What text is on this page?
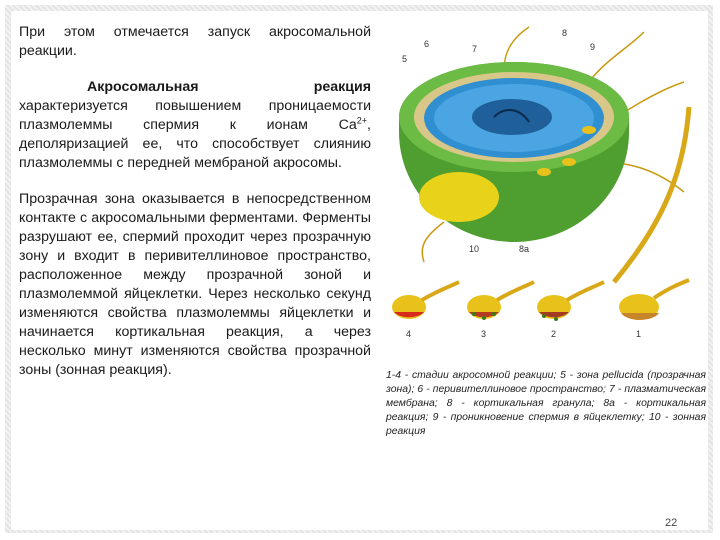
При этом отмечается запуск акросомальной реакции.

Акросомальная реакция

характеризуется повышением проницаемости плазмолеммы спермия к ионам $Ca^{2+}$, деполяризацией ее, что способствует слиянию плазмолеммы с передней мембраной акросомы.

Прозрачная зона оказывается в непосредственном контакте с акросомальными ферментами. Ферменты разрушают ее, спермий проходит через прозрачную зону и входит в перивителлиновое пространство, расположенное между прозрачной зоной и плазмолеммой яйцеклетки. Через несколько секунд изменяются свойства плазмолеммы яйцеклетки и начинается кортикальная реакция, а через несколько минут изменяются свойства прозрачной зоны (зонная реакция).

5
6	7
8
9
10	8а
4	3	2	1
1-4 - стадии акросомной реакции; 5 - зона pellucida (прозрачная зона); 6 - перивителлиновое пространство; 7 - плазматическая мембрана; 8 - кортикальная гранула; 8а - кортикальная реакция; 9 - проникновение спермия в яйцеклетку; 10 - зонная реакция
22
